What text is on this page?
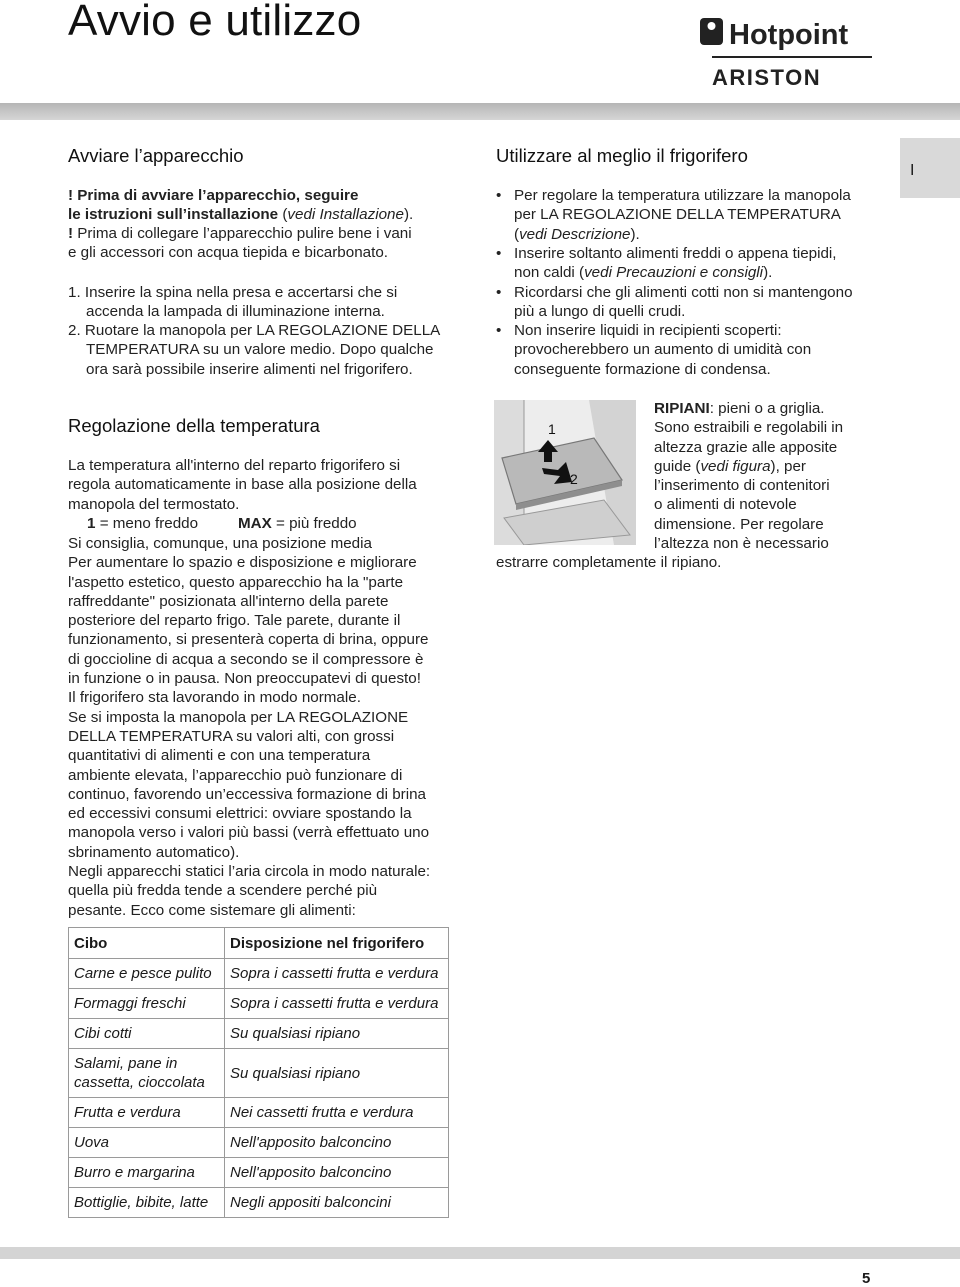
Avvio e utilizzo	Hotpoint
ARISTON
I
Avviare l’apparecchio
! Prima di avviare l’apparecchio, seguire
le istruzioni sull’installazione (vedi Installazione).
! Prima di collegare l’apparecchio pulire bene i vani
e gli accessori con acqua tiepida e bicarbonato.
1. Inserire la spina nella presa e accertarsi che si
accenda la lampada di illuminazione interna.
2. Ruotare la manopola per LA REGOLAZIONE DELLA
TEMPERATURA su un valore medio. Dopo qualche
ora sarà possibile inserire alimenti nel frigorifero.
Regolazione della temperatura
La temperatura all'interno del reparto frigorifero si
regola automaticamente in base alla posizione della
manopola del termostato.
1 = meno freddo	MAX = più freddo
Si consiglia, comunque, una posizione media
Per aumentare lo spazio e disposizione e migliorare
l'aspetto estetico, questo apparecchio ha la "parte
raffreddante" posizionata all'interno della parete
posteriore del reparto frigo. Tale parete, durante il
funzionamento, si presenterà coperta di brina, oppure
di goccioline di acqua a secondo se il compressore è
in funzione o in pausa. Non preoccupatevi di questo!
Il frigorifero sta lavorando in modo normale.
Se si imposta la manopola per LA REGOLAZIONE
DELLA TEMPERATURA su valori alti, con grossi
quantitativi di alimenti e con una temperatura
ambiente elevata, l’apparecchio può funzionare di
continuo, favorendo un’eccessiva formazione di brina
ed eccessivi consumi elettrici: ovviare spostando la
manopola verso i valori più bassi (verrà effettuato uno
sbrinamento automatico).
Negli apparecchi statici l’aria circola in modo naturale:
quella più fredda tende a scendere perché più
pesante. Ecco come sistemare gli alimenti:
Cibo	Disposizione nel frigorifero
Carne e pesce pulito	Sopra i cassetti frutta e verdura
Formaggi freschi	Sopra i cassetti frutta e verdura
Cibi cotti	Su qualsiasi ripiano
Salami, pane in cassetta, cioccolata	Su qualsiasi ripiano
Frutta e verdura	Nei cassetti frutta e verdura
Uova	Nell'apposito balconcino
Burro e margarina	Nell'apposito balconcino
Bottiglie, bibite, latte	Negli appositi balconcini
Utilizzare al meglio il frigorifero
• Per regolare la temperatura utilizzare la manopola
per LA REGOLAZIONE DELLA TEMPERATURA
(vedi Descrizione).
• Inserire soltanto alimenti freddi o appena tiepidi,
non caldi (vedi Precauzioni e consigli).
• Ricordarsi che gli alimenti cotti non si mantengono
più a lungo di quelli crudi.
• Non inserire liquidi in recipienti scoperti:
provocherebbero un aumento di umidità con
conseguente formazione di condensa.
1
2
RIPIANI: pieni o a griglia.
Sono estraibili e regolabili in
altezza grazie alle apposite
guide (vedi figura), per
l’inserimento di contenitori
o alimenti di notevole
dimensione. Per regolare
l’altezza non è necessario
estrarre completamente il ripiano.
5
